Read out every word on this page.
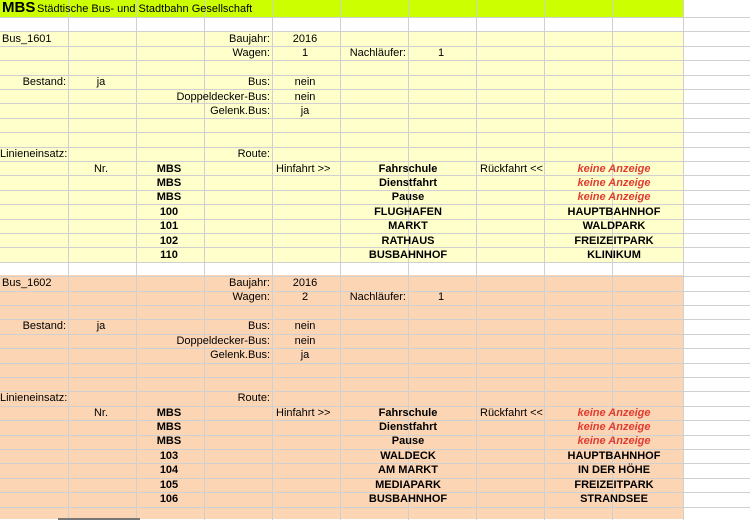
MBS Städtische Bus- und Stadtbahn Gesellschaft
Bus_1601	Baujahr:	2016
Wagen:	1	Nachläufer:	1
Bestand:	ja	Bus:	nein
Doppeldecker-Bus:	nein
Gelenk.Bus:	ja
Linieneinsatz:	Route:
Nr.	Hinfahrt >>	Rückfahrt <<
MBS	Fahrschule	keine Anzeige
MBS	Dienstfahrt	keine Anzeige
MBS	Pause	keine Anzeige
100	FLUGHAFEN	HAUPTBAHNHOF
101	MARKT	WALDPARK
102	RATHAUS	FREIZEITPARK
110	BUSBAHNHOF	KLINIKUM
Bus_1602	Baujahr:	2016
Wagen:	2	Nachläufer:	1
Bestand:	ja	Bus:	nein
Doppeldecker-Bus:	nein
Gelenk.Bus:	ja
Linieneinsatz:	Route:
Nr.	Hinfahrt >>	Rückfahrt <<
MBS	Fahrschule	keine Anzeige
MBS	Dienstfahrt	keine Anzeige
MBS	Pause	keine Anzeige
103	WALDECK	HAUPTBAHNHOF
104	AM MARKT	IN DER HÖHE
105	MEDIAPARK	FREIZEITPARK
106	BUSBAHNHOF	STRANDSEE
